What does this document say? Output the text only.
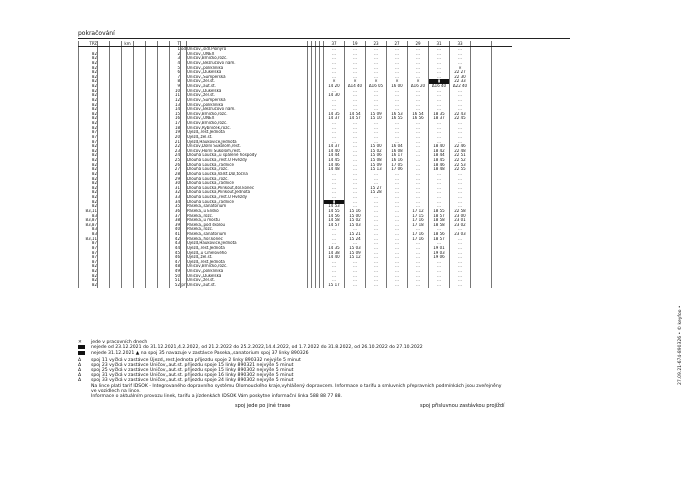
pokračování
TPZ			km				T							37	19	23	27	29	31	33		
							1	od	Uničov,,sídl.Pionýrů					…	…	…	…	…	…	…		
82							2		Uničov,,UNEX					…	…	…	…	…	…	…		
82							3		Uničov,Brníčko,rozc.					…	…	…	…	…	…	…		
82							4		Uničov,,Bezručovo nám.					…	…	…	…	…	…	…		
82							5		Uničov,,poliklinika					…	…	…	…	…	…	×		
82							6		Uničov,,Dukelská					…	…	…	…	…	…	22 27		
82							7		Uničov,,Šumperská					…	…	…	…	…	…	22 30		
82							8		Uničov,,žel.st.					×	×	×	×	×	▮	22 33		
82							9		Uničov,,aut.st.					14 20	Δ14 40	Δ16 05	16 00	Δ16 20	Δ16 40	Δ22 40		
82							10		Uničov,,Dukelská					…	…	…	…	…	…	…		
82							11		Uničov,,žel.st.					14 30	…	…	…	…	…	…		
82							12		Uničov,,Šumperská					…	…	…	…	…	…	…		
82							13		Uničov,,poliklinika					…	…	…	…	…	…	…		
82							14		Uničov,,Bezručovo nám.					…	…	…	…	…	…	…		
82							15		Uničov,Brníčko,rozc.					14 35	14 54	15 09	16 53	16 54	18 35	22 43		
82							16		Uničov,,UNEX					14 37	14 57	15 10	16 55	16 56	18 37	22 45		
82							17		Uničov,Brníčko,rozc.					…	…	…	…	…	…	…		
82							18		Uničov,Rybníček,rozc.					…	…	…	…	…	…	…		
87							19		Újezd,,rest.Jednota					…	…	…	…	…	…	…		
87							20		Újezd,,žel.st.					…	…	…	…	…	…	…		
87							21		Újezd,Haukovice,Jednota					…	…	…	…	…	…	…		
82							22		Uničov,Dolní Sukolom,rest.					14 37	…	15 00	16 04	…	18 40	22 46		
82							23		Uničov,Horní Sukolom,rest.					14 40	…	15 02	16 08	…	18 42	22 48		
82							24		Dlouhá Loučka,,u spálené hospody					14 44	…	15 06	16 17	…	18 44	22 51		
82							25		Dlouhá Loučka,,rest.U Hvězdy					14 45	…	15 08	16 16	…	18 45	22 52		
82							26		Dlouhá Loučka,,radnice					14 46	…	15 09	17 05	…	18 46	22 53		
82							27		Dlouhá Loučka,,rozc.					14 48	…	15 13	17 06	…	18 48	22 55		
82							28		Dlouhá Loučka,Valšt.Důl,točna					…	…	…	…	…	…	…		
82							29		Dlouhá Loučka,,rozc.					…	…	…	…	…	…	…		
82							30		Dlouhá Loučka,,radnice					…	…	…	…	…	…	…		
82							31		Dlouhá Loučka,Plinkout,dol.konec					…	…	15 27	…	…	…	…		
82							32		Dlouhá Loučka,Plinkout,Jednota					…	…	15 28	…	…	…	…		
82							33		Dlouhá Loučka,,rest.U Hvězdy					…	…	…	…	…	…	…		
82							34		Dlouhá Loučka,,radnice					▮	…	…	…	…	…	…		
82							35		Paseka,,sanatorium					14 53	…	…	…	…	…	…		
83,11							36		Paseka,,u Eliško					14 55	15 16	…	…	17 12	18 55	22 58		
83							37		Paseka,,rozc.					14 56	15 00	…	…	17 15	18 57	23 00		
83,87							38		Paseka,,u mostu					14 58	15 02	…	…	17 16	18 58	23 01		
83,87							39		Paseka,,pod školou					14 57	15 03	…	…	17 18	18 58	23 02		
83							40		Paseka,,rozc.					…	…	…	…	…	…	…		
83							41		Paseka,,sanatorium					…	15 21	…	…	17 16	18 56	23 03		
83,11							42		Paseka,,hor.konec					…	15 24	…	…	17 16	18 57	…		
87							43		Újezd,Haukovice,Jednota					…	…	…	…	…	…	…		
87							44		Újezd,,rest.Jednota					14 35	15 03	…	…	…	19 01	…		
87							45		Újezd,,u Cihelového					14 38	15 09	…	…	…	19 03	…		
87							46		Újezd,,žel.st.					14 40	15 12	…	…	…	19 06	…		
87							47		Újezd,,rest.Jednota					…	…	…	…	…	…	…		
82							48		Uničov,Brníčko,rozc.					…	…	…	…	…	…	…		
82							49		Uničov,,poliklinika					…	…	…	…	…	…	…		
82							50		Uničov,,Dukelská					…	…	…	…	…	…	…		
82							51		Uničov,,žel.st.					…	…	…	…	…	…	…		
82							52	př	Uničov,,aut.st.					15 17	…	…	…	…	…	…		
✕	jede v pracovních dnech
nejede od 23.12.2021 do 31.12.2021,4.2.2022, od 21.2.2022 do 25.2.2022,14.4.2022, od 1.7.2022 do 31.8.2022, od 26.10.2022 do 27.10.2022
nejede 31.12.2021 ▲ na spoj 35 navazuje v zastávce Paseka,,sanatorium spoj 37 linky 890326
Δ	spoj 11 vyčká v zastávce Újezd,,rest.Jednota příjezdu spoje 2 linky 890332 nejvýše 5 minut
Δ	spoj 23 vyčká v zastávce Uničov,,aut.st. příjezdu spoje 15 linky 890321 nejvýše 5 minut
Δ	spoj 25 vyčká v zastávce Uničov,,aut.st. příjezdu spoje 15 linky 890302 nejvýše 5 minut
Δ	spoj 31 vyčká v zastávce Uničov,,aut.st. příjezdu spoje 16 linky 890302 nejvýše 5 minut
Δ	spoj 33 vyčká v zastávce Uničov,,aut.st. příjezdu spoje 24 linky 890302 nejvýše 5 minut
Na lince platí tarif IDSOK - Integrovaného dopravního systému Olomouckého kraje,vyhlášený dopravcem. Informace o tarifu a smluvních přepravních podmínkách jsou zveřejněny
ve vozidlech na lince.
Informace o aktuálním provozu linek, tarifu a jízdenkách IDSOK Vám poskytne informační linka 588 88 77 88.
spoj jede po jiné trase	spoj přisluvnou zastávkou projíždí
27.09.21-674-890326 • © keyfoo •
